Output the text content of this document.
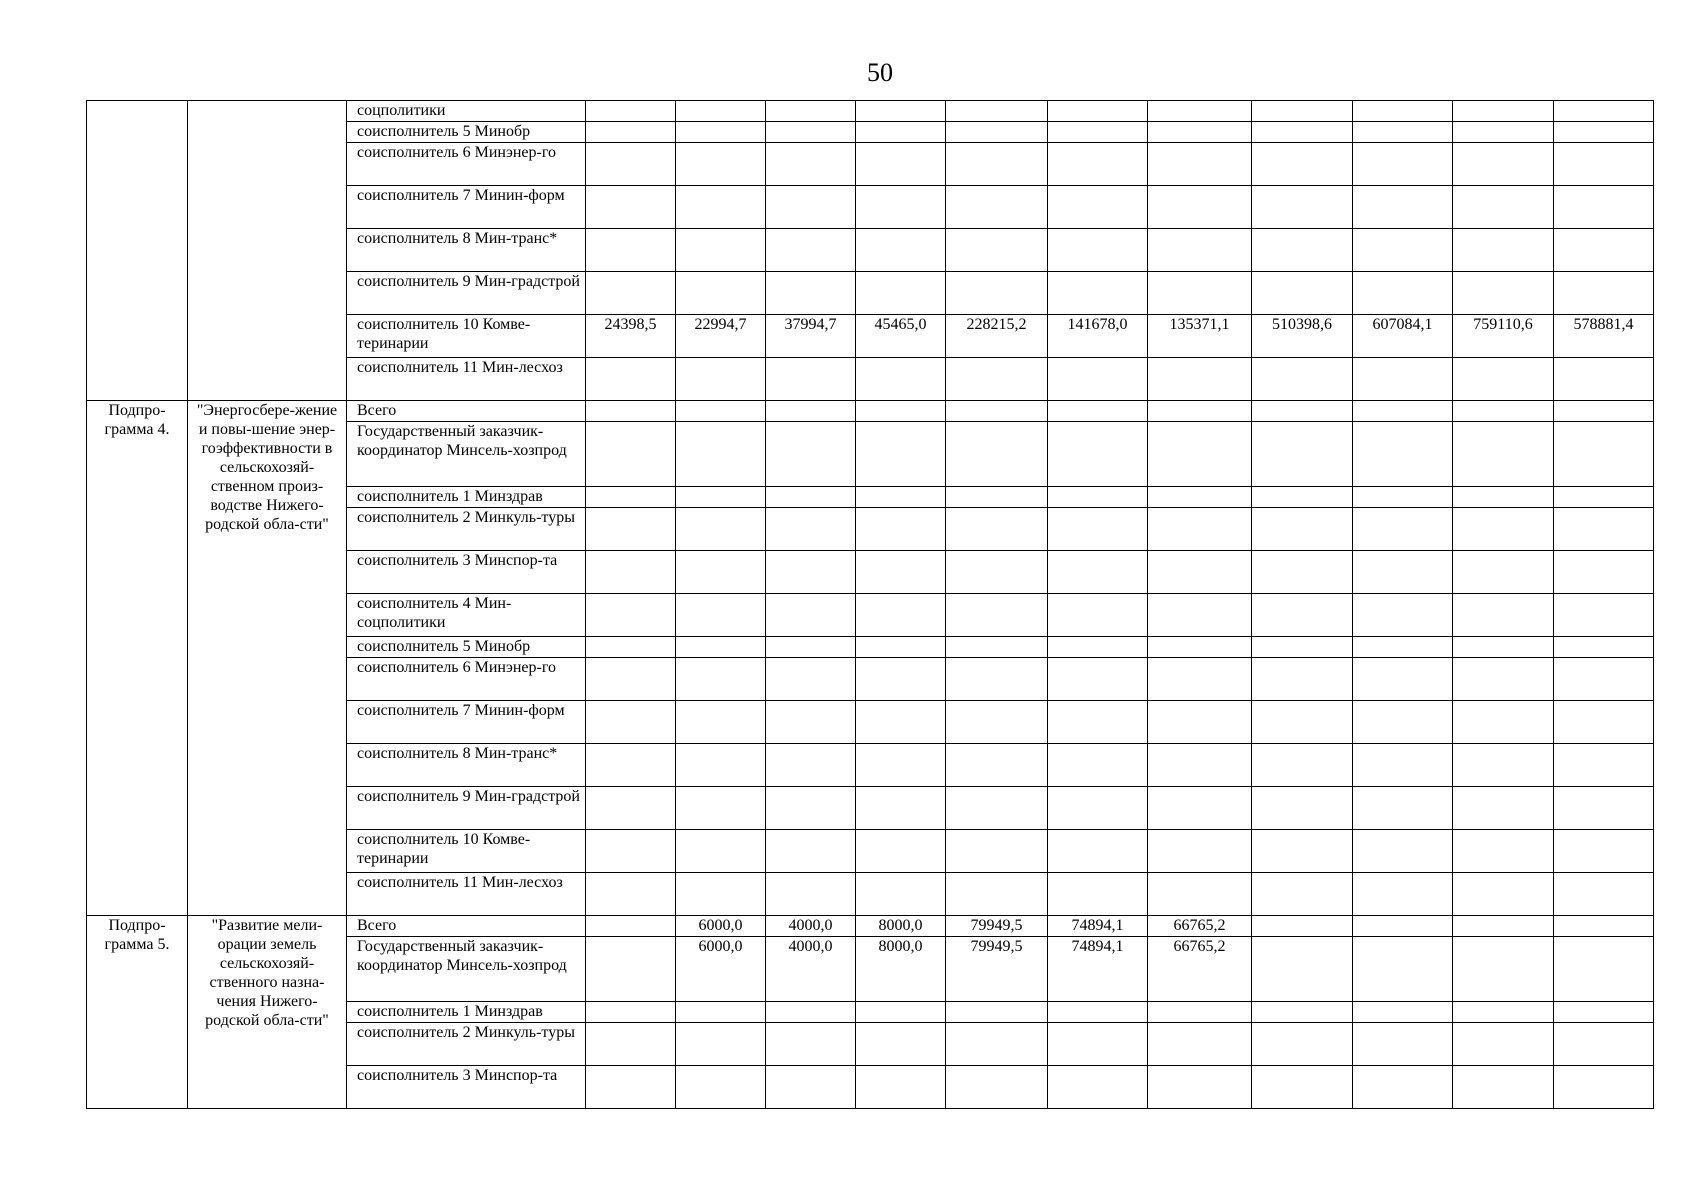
50
		соцполитики											
		соисполнитель 5 Минобр											
		соисполнитель 6 Минэнер-го											
		соисполнитель 7 Минин-форм											
		соисполнитель 8 Мин-транс*											
		соисполнитель 9 Мин-градстрой											
		соисполнитель 10 Комве-теринарии	24398,5	22994,7	37994,7	45465,0	228215,2	141678,0	135371,1	510398,6	607084,1	759110,6	578881,4
		соисполнитель 11 Мин-лесхоз											
Подпро-грамма 4.	"Энергосбере-жение и повы-шение энер-гоэффективности в сельскохозяй-ственном произ-водстве Нижего-родской обла-сти"	Всего											
		Государственный заказчик-координатор Минсель-хозпрод											
		соисполнитель 1 Минздрав											
		соисполнитель 2 Минкуль-туры											
		соисполнитель 3 Минспор-та											
		соисполнитель 4 Мин-соцполитики											
		соисполнитель 5 Минобр											
		соисполнитель 6 Минэнер-го											
		соисполнитель 7 Минин-форм											
		соисполнитель 8 Мин-транс*											
		соисполнитель 9 Мин-градстрой											
		соисполнитель 10 Комве-теринарии											
		соисполнитель 11 Мин-лесхоз											
Подпро-грамма 5.	"Развитие мели-орации земель сельскохозяй-ственного назна-чения Нижего-родской обла-сти"	Всего		6000,0	4000,0	8000,0	79949,5	74894,1	66765,2				
		Государственный заказчик-координатор Минсель-хозпрод		6000,0	4000,0	8000,0	79949,5	74894,1	66765,2				
		соисполнитель 1 Минздрав											
		соисполнитель 2 Минкуль-туры											
		соисполнитель 3 Минспор-та											
